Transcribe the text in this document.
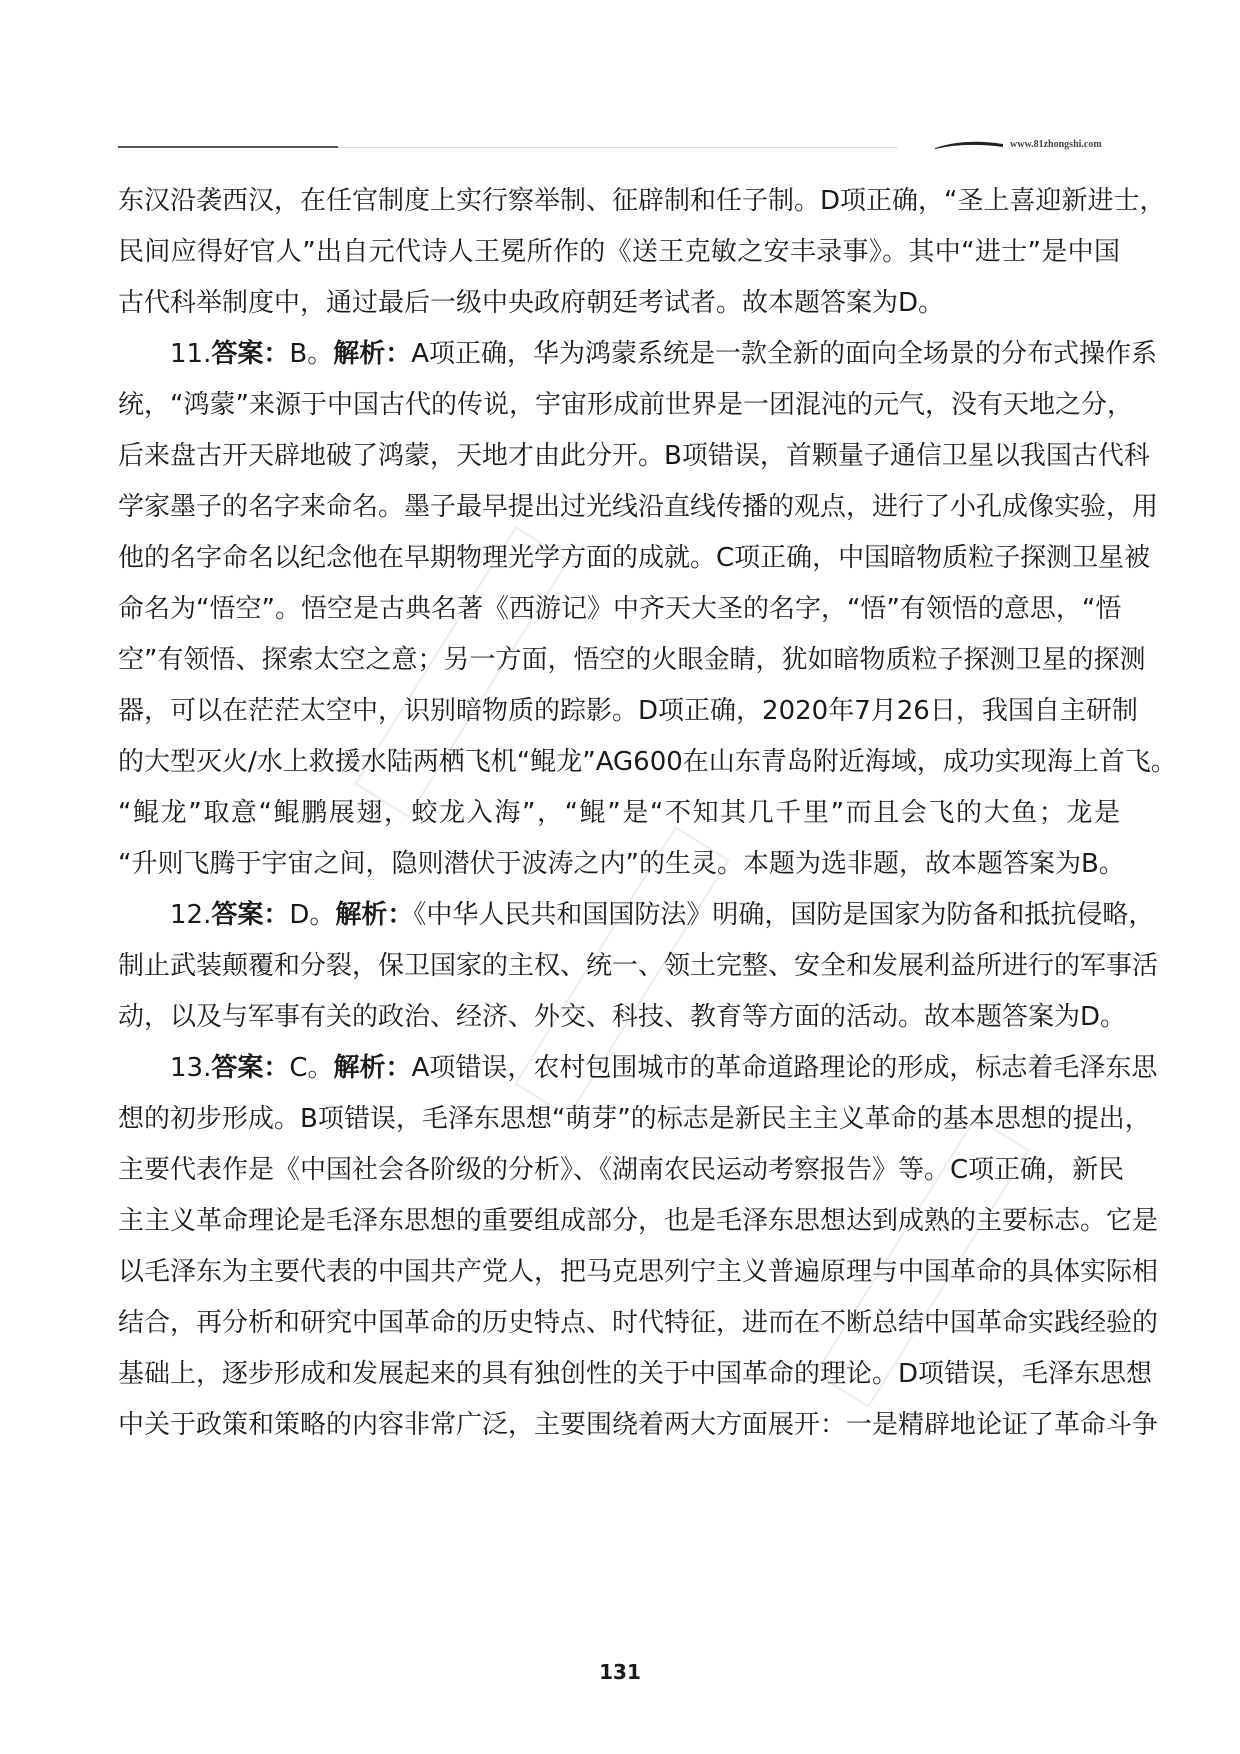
www.81zhongshi.com
东汉沿袭西汉，在任官制度上实行察举制、征辟制和任子制。D项正确，“圣上喜迎新进士，
民间应得好官人”出自元代诗人王冕所作的《送王克敏之安丰录事》。其中“进士”是中国
古代科举制度中，通过最后一级中央政府朝廷考试者。故本题答案为D。
11.答案：B。解析：A项正确，华为鸿蒙系统是一款全新的面向全场景的分布式操作系
统，“鸿蒙”来源于中国古代的传说，宇宙形成前世界是一团混沌的元气，没有天地之分，
后来盘古开天辟地破了鸿蒙，天地才由此分开。B项错误，首颗量子通信卫星以我国古代科
学家墨子的名字来命名。墨子最早提出过光线沿直线传播的观点，进行了小孔成像实验，用
他的名字命名以纪念他在早期物理光学方面的成就。C项正确，中国暗物质粒子探测卫星被
命名为“悟空”。悟空是古典名著《西游记》中齐天大圣的名字，“悟”有领悟的意思，“悟
空”有领悟、探索太空之意；另一方面，悟空的火眼金睛，犹如暗物质粒子探测卫星的探测
器，可以在茫茫太空中，识别暗物质的踪影。D项正确，2020年7月26日，我国自主研制
的大型灭火/水上救援水陆两栖飞机“鲲龙”AG600在山东青岛附近海域，成功实现海上首飞。
“鲲龙”取意“鲲鹏展翅，蛟龙入海”，“鲲”是“不知其几千里”而且会飞的大鱼；龙是
“升则飞腾于宇宙之间，隐则潜伏于波涛之内”的生灵。本题为选非题，故本题答案为B。
12.答案：D。解析：《中华人民共和国国防法》明确，国防是国家为防备和抵抗侵略，
制止武装颠覆和分裂，保卫国家的主权、统一、领土完整、安全和发展利益所进行的军事活
动，以及与军事有关的政治、经济、外交、科技、教育等方面的活动。故本题答案为D。
13.答案：C。解析：A项错误，农村包围城市的革命道路理论的形成，标志着毛泽东思
想的初步形成。B项错误，毛泽东思想“萌芽”的标志是新民主主义革命的基本思想的提出，
主要代表作是《中国社会各阶级的分析》、《湖南农民运动考察报告》等。C项正确，新民
主主义革命理论是毛泽东思想的重要组成部分，也是毛泽东思想达到成熟的主要标志。它是
以毛泽东为主要代表的中国共产党人，把马克思列宁主义普遍原理与中国革命的具体实际相
结合，再分析和研究中国革命的历史特点、时代特征，进而在不断总结中国革命实践经验的
基础上，逐步形成和发展起来的具有独创性的关于中国革命的理论。D项错误，毛泽东思想
中关于政策和策略的内容非常广泛，主要围绕着两大方面展开：一是精辟地论证了革命斗争
131
